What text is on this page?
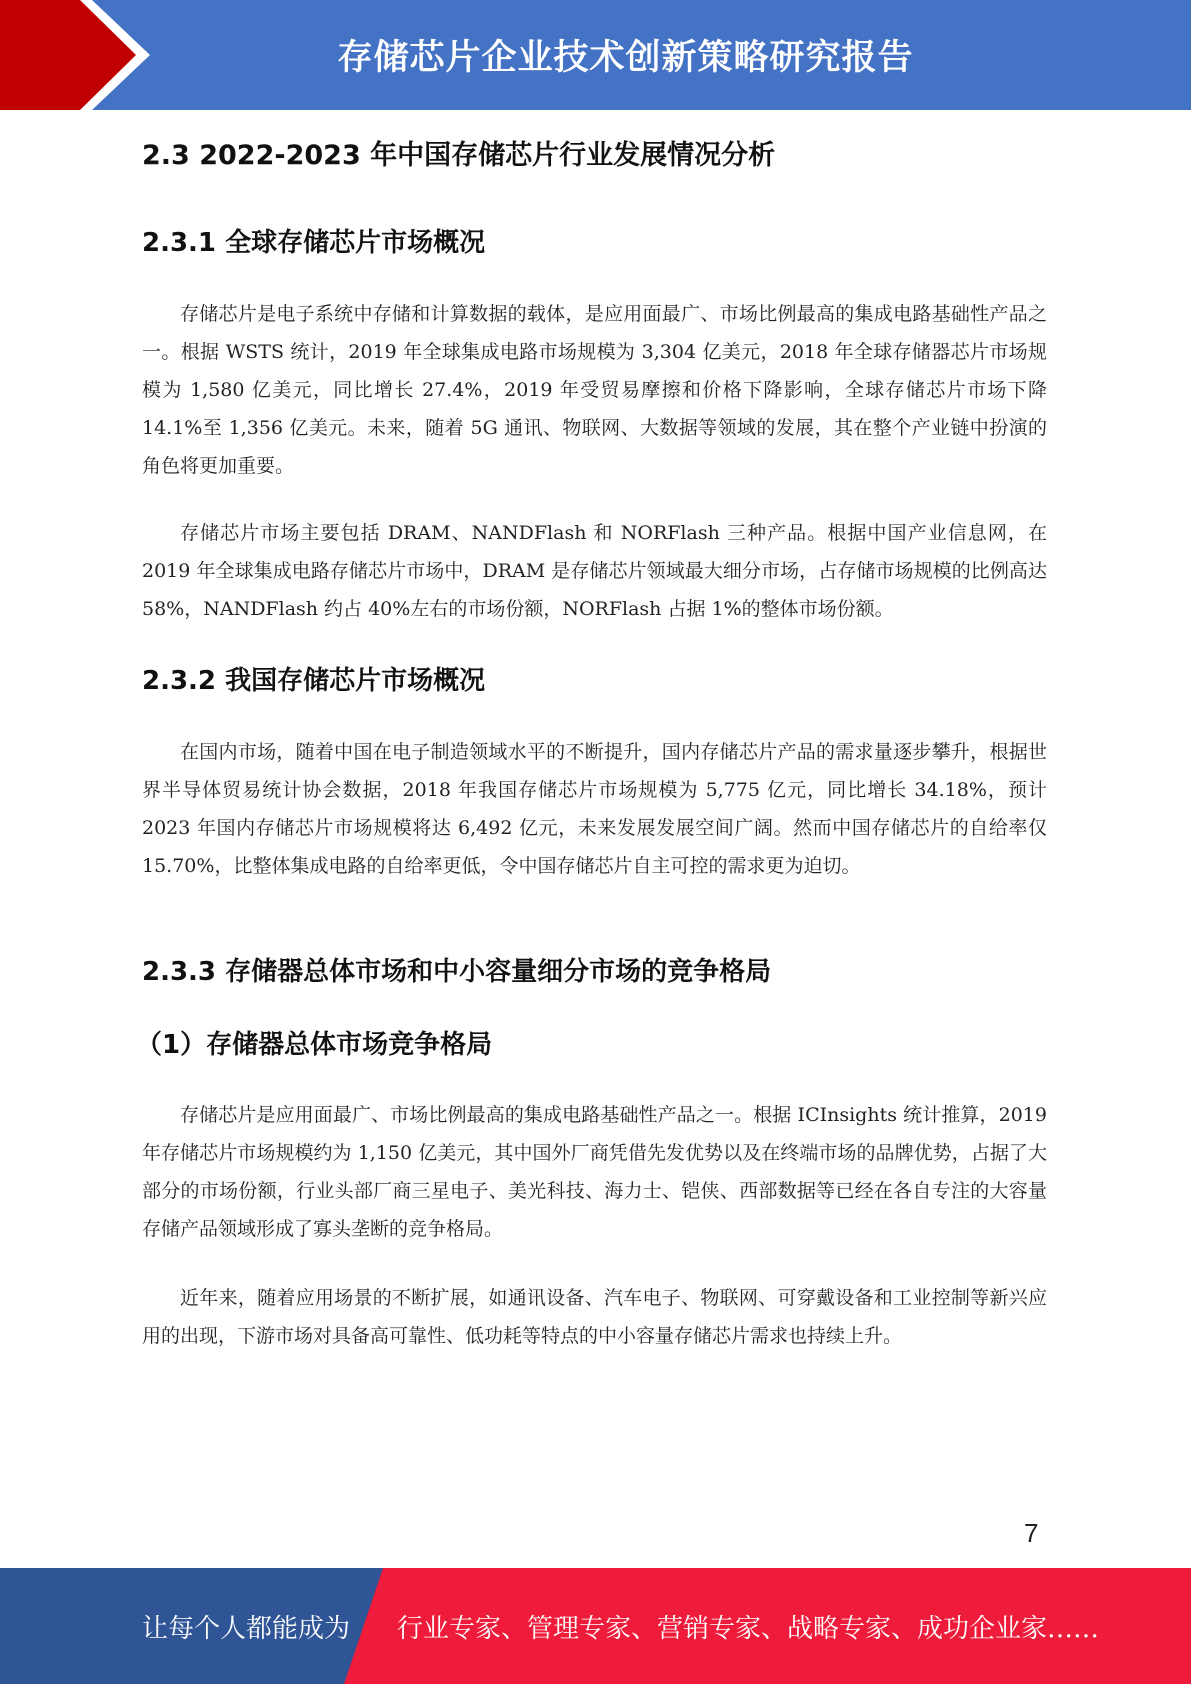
存储芯片企业技术创新策略研究报告
2.3 2022-2023 年中国存储芯片行业发展情况分析
2.3.1 全球存储芯片市场概况

存储芯片是电子系统中存储和计算数据的载体，是应用面最广、市场比例最高的集成电路基础性产品之一。根据 WSTS 统计，2019 年全球集成电路市场规模为 3,304 亿美元，2018 年全球存储器芯片市场规模为 1,580 亿美元，同比增长 27.4%，2019 年受贸易摩擦和价格下降影响，全球存储芯片市场下降 14.1%至 1,356 亿美元。未来，随着 5G 通讯、物联网、大数据等领域的发展，其在整个产业链中扮演的角色将更加重要。

存储芯片市场主要包括 DRAM、NANDFlash 和 NORFlash 三种产品。根据中国产业信息网，在 2019 年全球集成电路存储芯片市场中，DRAM 是存储芯片领域最大细分市场，占存储市场规模的比例高达 58%，NANDFlash 约占 40%左右的市场份额，NORFlash 占据 1%的整体市场份额。

2.3.2 我国存储芯片市场概况

在国内市场，随着中国在电子制造领域水平的不断提升，国内存储芯片产品的需求量逐步攀升，根据世界半导体贸易统计协会数据，2018 年我国存储芯片市场规模为 5,775 亿元，同比增长 34.18%，预计 2023 年国内存储芯片市场规模将达 6,492 亿元，未来发展发展空间广阔。然而中国存储芯片的自给率仅 15.70%，比整体集成电路的自给率更低，令中国存储芯片自主可控的需求更为迫切。

2.3.3 存储器总体市场和中小容量细分市场的竞争格局
（1）存储器总体市场竞争格局

存储芯片是应用面最广、市场比例最高的集成电路基础性产品之一。根据 ICInsights 统计推算，2019 年存储芯片市场规模约为 1,150 亿美元，其中国外厂商凭借先发优势以及在终端市场的品牌优势，占据了大部分的市场份额，行业头部厂商三星电子、美光科技、海力士、铠侠、西部数据等已经在各自专注的大容量存储产品领域形成了寡头垄断的竞争格局。

近年来，随着应用场景的不断扩展，如通讯设备、汽车电子、物联网、可穿戴设备和工业控制等新兴应用的出现，下游市场对具备高可靠性、低功耗等特点的中小容量存储芯片需求也持续上升。

7
让每个人都能成为 行业专家、管理专家、营销专家、战略专家、成功企业家……
